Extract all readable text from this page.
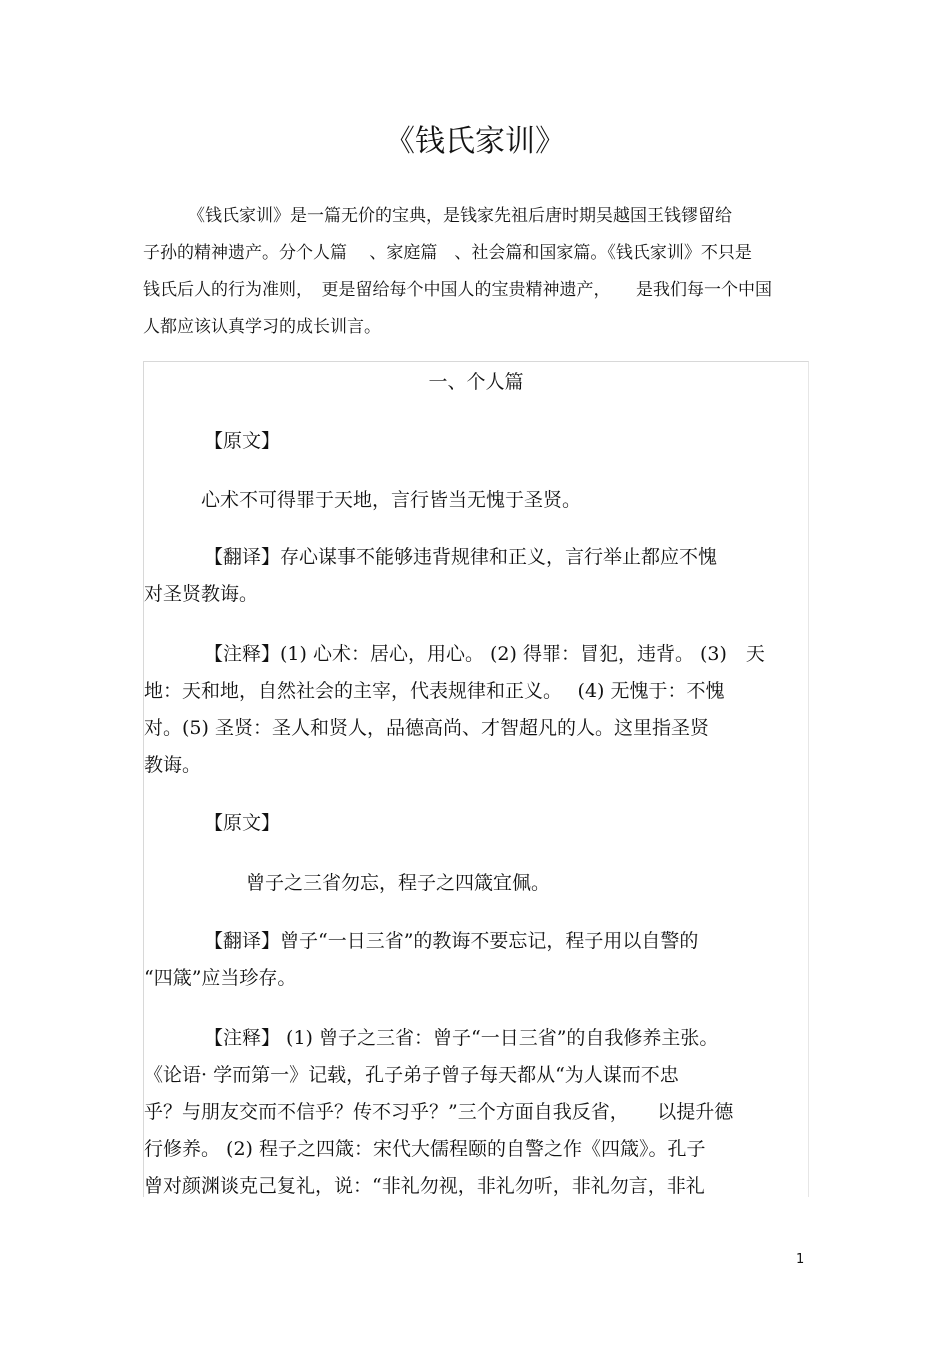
《钱氏家训》
《钱氏家训》是一篇无价的宝典，是钱家先祖后唐时期吴越国王钱镠留给
子孙的精神遗产。分个人篇　 、家庭篇　、社会篇和国家篇。《钱氏家训》不只是
钱氏后人的行为准则，　更是留给每个中国人的宝贵精神遗产，　　是我们每一个中国
人都应该认真学习的成长训言。
一、个人篇
【原文】
心术不可得罪于天地，言行皆当无愧于圣贤。
【翻译】存心谋事不能够违背规律和正义，言行举止都应不愧
对圣贤教诲。
【注释】(1) 心术：居心，用心。 (2) 得罪：冒犯，违背。 (3)　天
地：天和地，自然社会的主宰，代表规律和正义。　 (4) 无愧于：不愧
对。(5) 圣贤：圣人和贤人，品德高尚、才智超凡的人。这里指圣贤
教诲。
【原文】
曾子之三省勿忘，程子之四箴宜佩。
【翻译】曾子“一日三省”的教诲不要忘记，程子用以自警的
“四箴”应当珍存。
【注释】 (1) 曾子之三省：曾子“一日三省”的自我修养主张。
《论语· 学而第一》记载，孔子弟子曾子每天都从“为人谋而不忠
乎？与朋友交而不信乎？传不习乎？”三个方面自我反省，　　以提升德
行修养。 (2) 程子之四箴：宋代大儒程颐的自警之作《四箴》。孔子
曾对颜渊谈克己复礼，说：“非礼勿视，非礼勿听，非礼勿言，非礼
1
